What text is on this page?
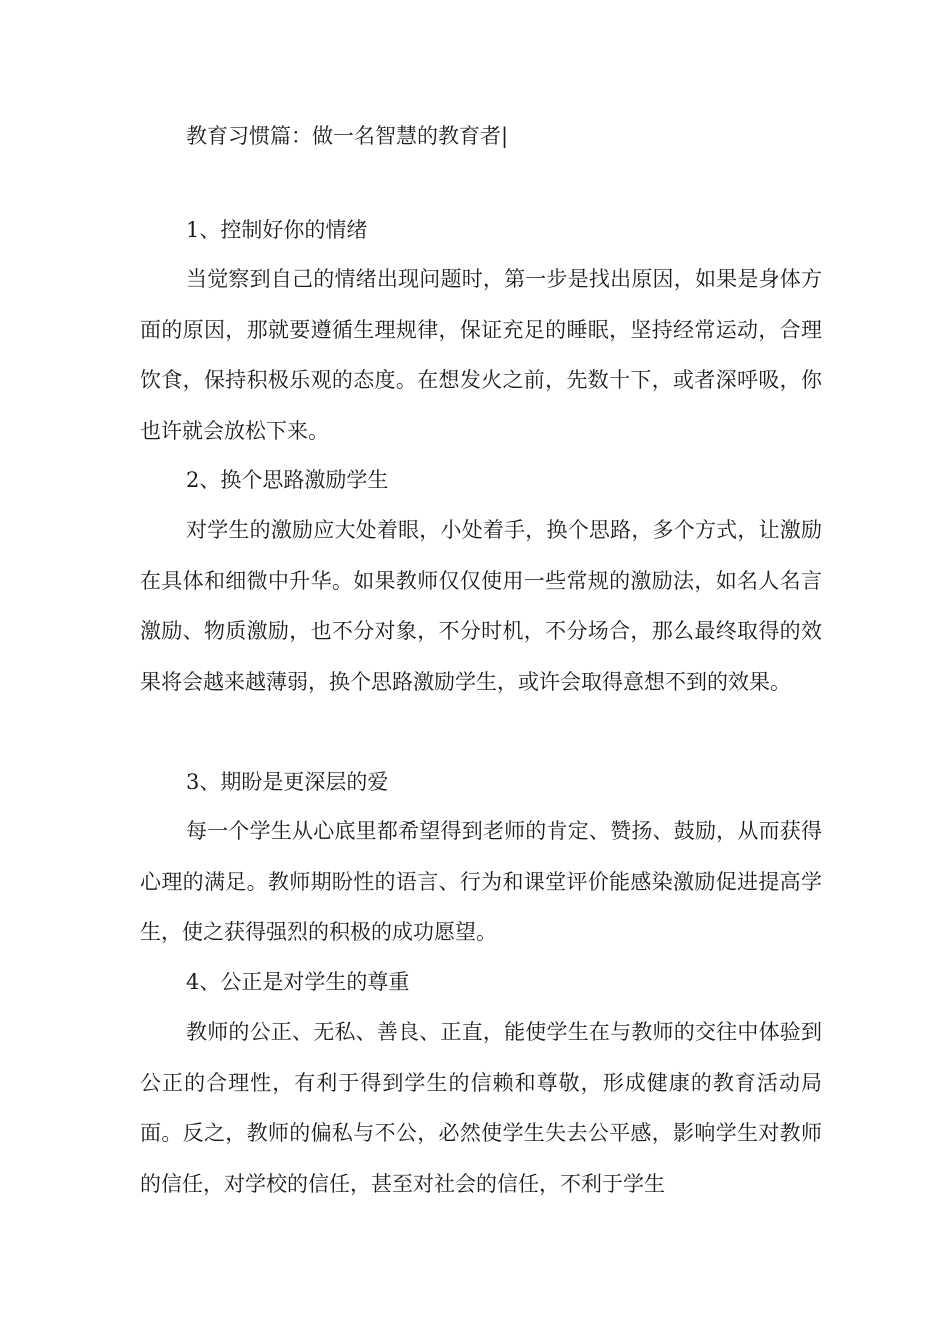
教育习惯篇：做一名智慧的教育者|
1、控制好你的情绪

当觉察到自己的情绪出现问题时，第一步是找出原因，如果是身体方面的原因，那就要遵循生理规律，保证充足的睡眠，坚持经常运动，合理饮食，保持积极乐观的态度。在想发火之前，先数十下，或者深呼吸，你也许就会放松下来。

2、换个思路激励学生

对学生的激励应大处着眼，小处着手，换个思路，多个方式，让激励在具体和细微中升华。如果教师仅仅使用一些常规的激励法，如名人名言激励、物质激励，也不分对象，不分时机，不分场合，那么最终取得的效果将会越来越薄弱，换个思路激励学生，或许会取得意想不到的效果。

3、期盼是更深层的爱

每一个学生从心底里都希望得到老师的肯定、赞扬、鼓励，从而获得心理的满足。教师期盼性的语言、行为和课堂评价能感染激励促进提高学生，使之获得强烈的积极的成功愿望。

4、公正是对学生的尊重

教师的公正、无私、善良、正直，能使学生在与教师的交往中体验到公正的合理性，有利于得到学生的信赖和尊敬，形成健康的教育活动局面。反之，教师的偏私与不公，必然使学生失去公平感，影响学生对教师的信任，对学校的信任，甚至对社会的信任，不利于学生
